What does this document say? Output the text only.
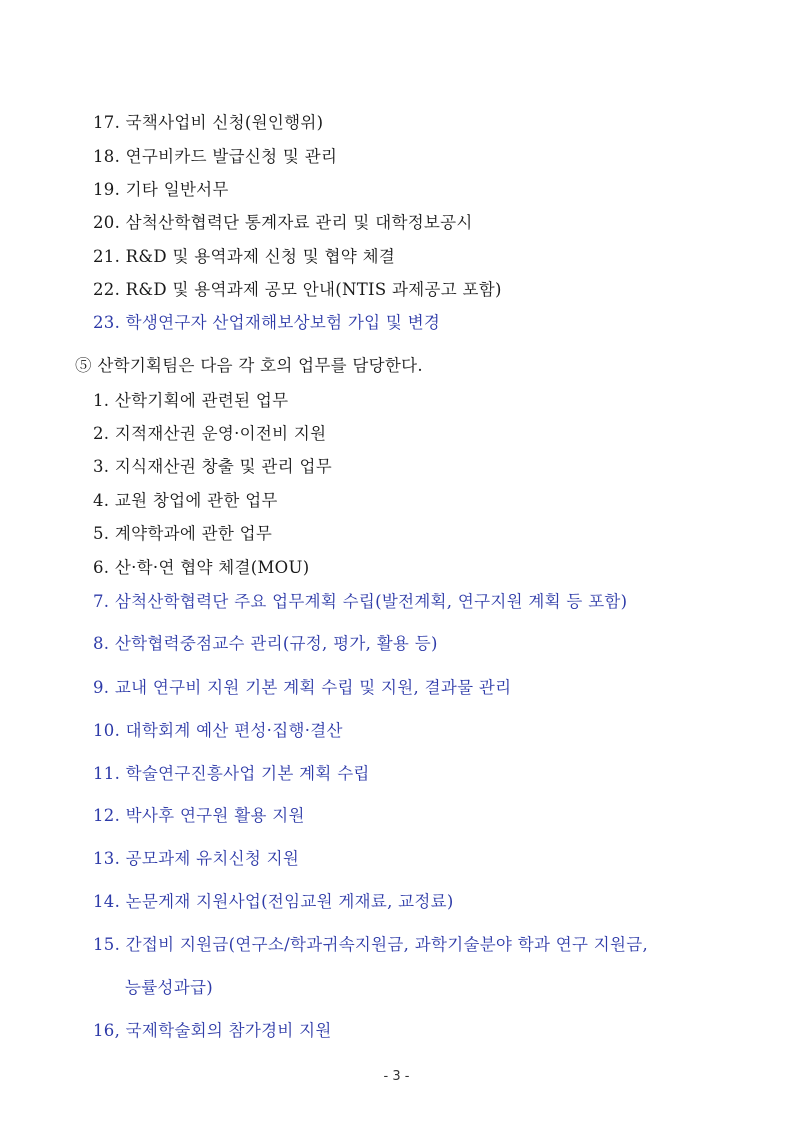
17. 국책사업비 신청(원인행위)
18. 연구비카드 발급신청 및 관리
19. 기타 일반서무
20. 삼척산학협력단 통계자료 관리 및 대학정보공시
21. R&D 및 용역과제 신청 및 협약 체결
22. R&D 및 용역과제 공모 안내(NTIS 과제공고 포함)
23. 학생연구자 산업재해보상보험 가입 및 변경
⑤ 산학기획팀은 다음 각 호의 업무를 담당한다.
1. 산학기획에 관련된 업무
2. 지적재산권 운영·이전비 지원
3. 지식재산권 창출 및 관리 업무
4. 교원 창업에 관한 업무
5. 계약학과에 관한 업무
6. 산·학·연 협약 체결(MOU)
7. 삼척산학협력단 주요 업무계획 수립(발전계획, 연구지원 계획 등 포함)
8. 산학협력중점교수 관리(규정, 평가, 활용 등)
9. 교내 연구비 지원 기본 계획 수립 및 지원, 결과물 관리
10. 대학회계 예산 편성·집행·결산
11. 학술연구진흥사업 기본 계획 수립
12. 박사후 연구원 활용 지원
13. 공모과제 유치신청 지원
14. 논문게재 지원사업(전임교원 게재료, 교정료)
15. 간접비 지원금(연구소/학과귀속지원금, 과학기술분야 학과 연구 지원금,
능률성과급)
16, 국제학술회의 참가경비 지원
- 3 -
